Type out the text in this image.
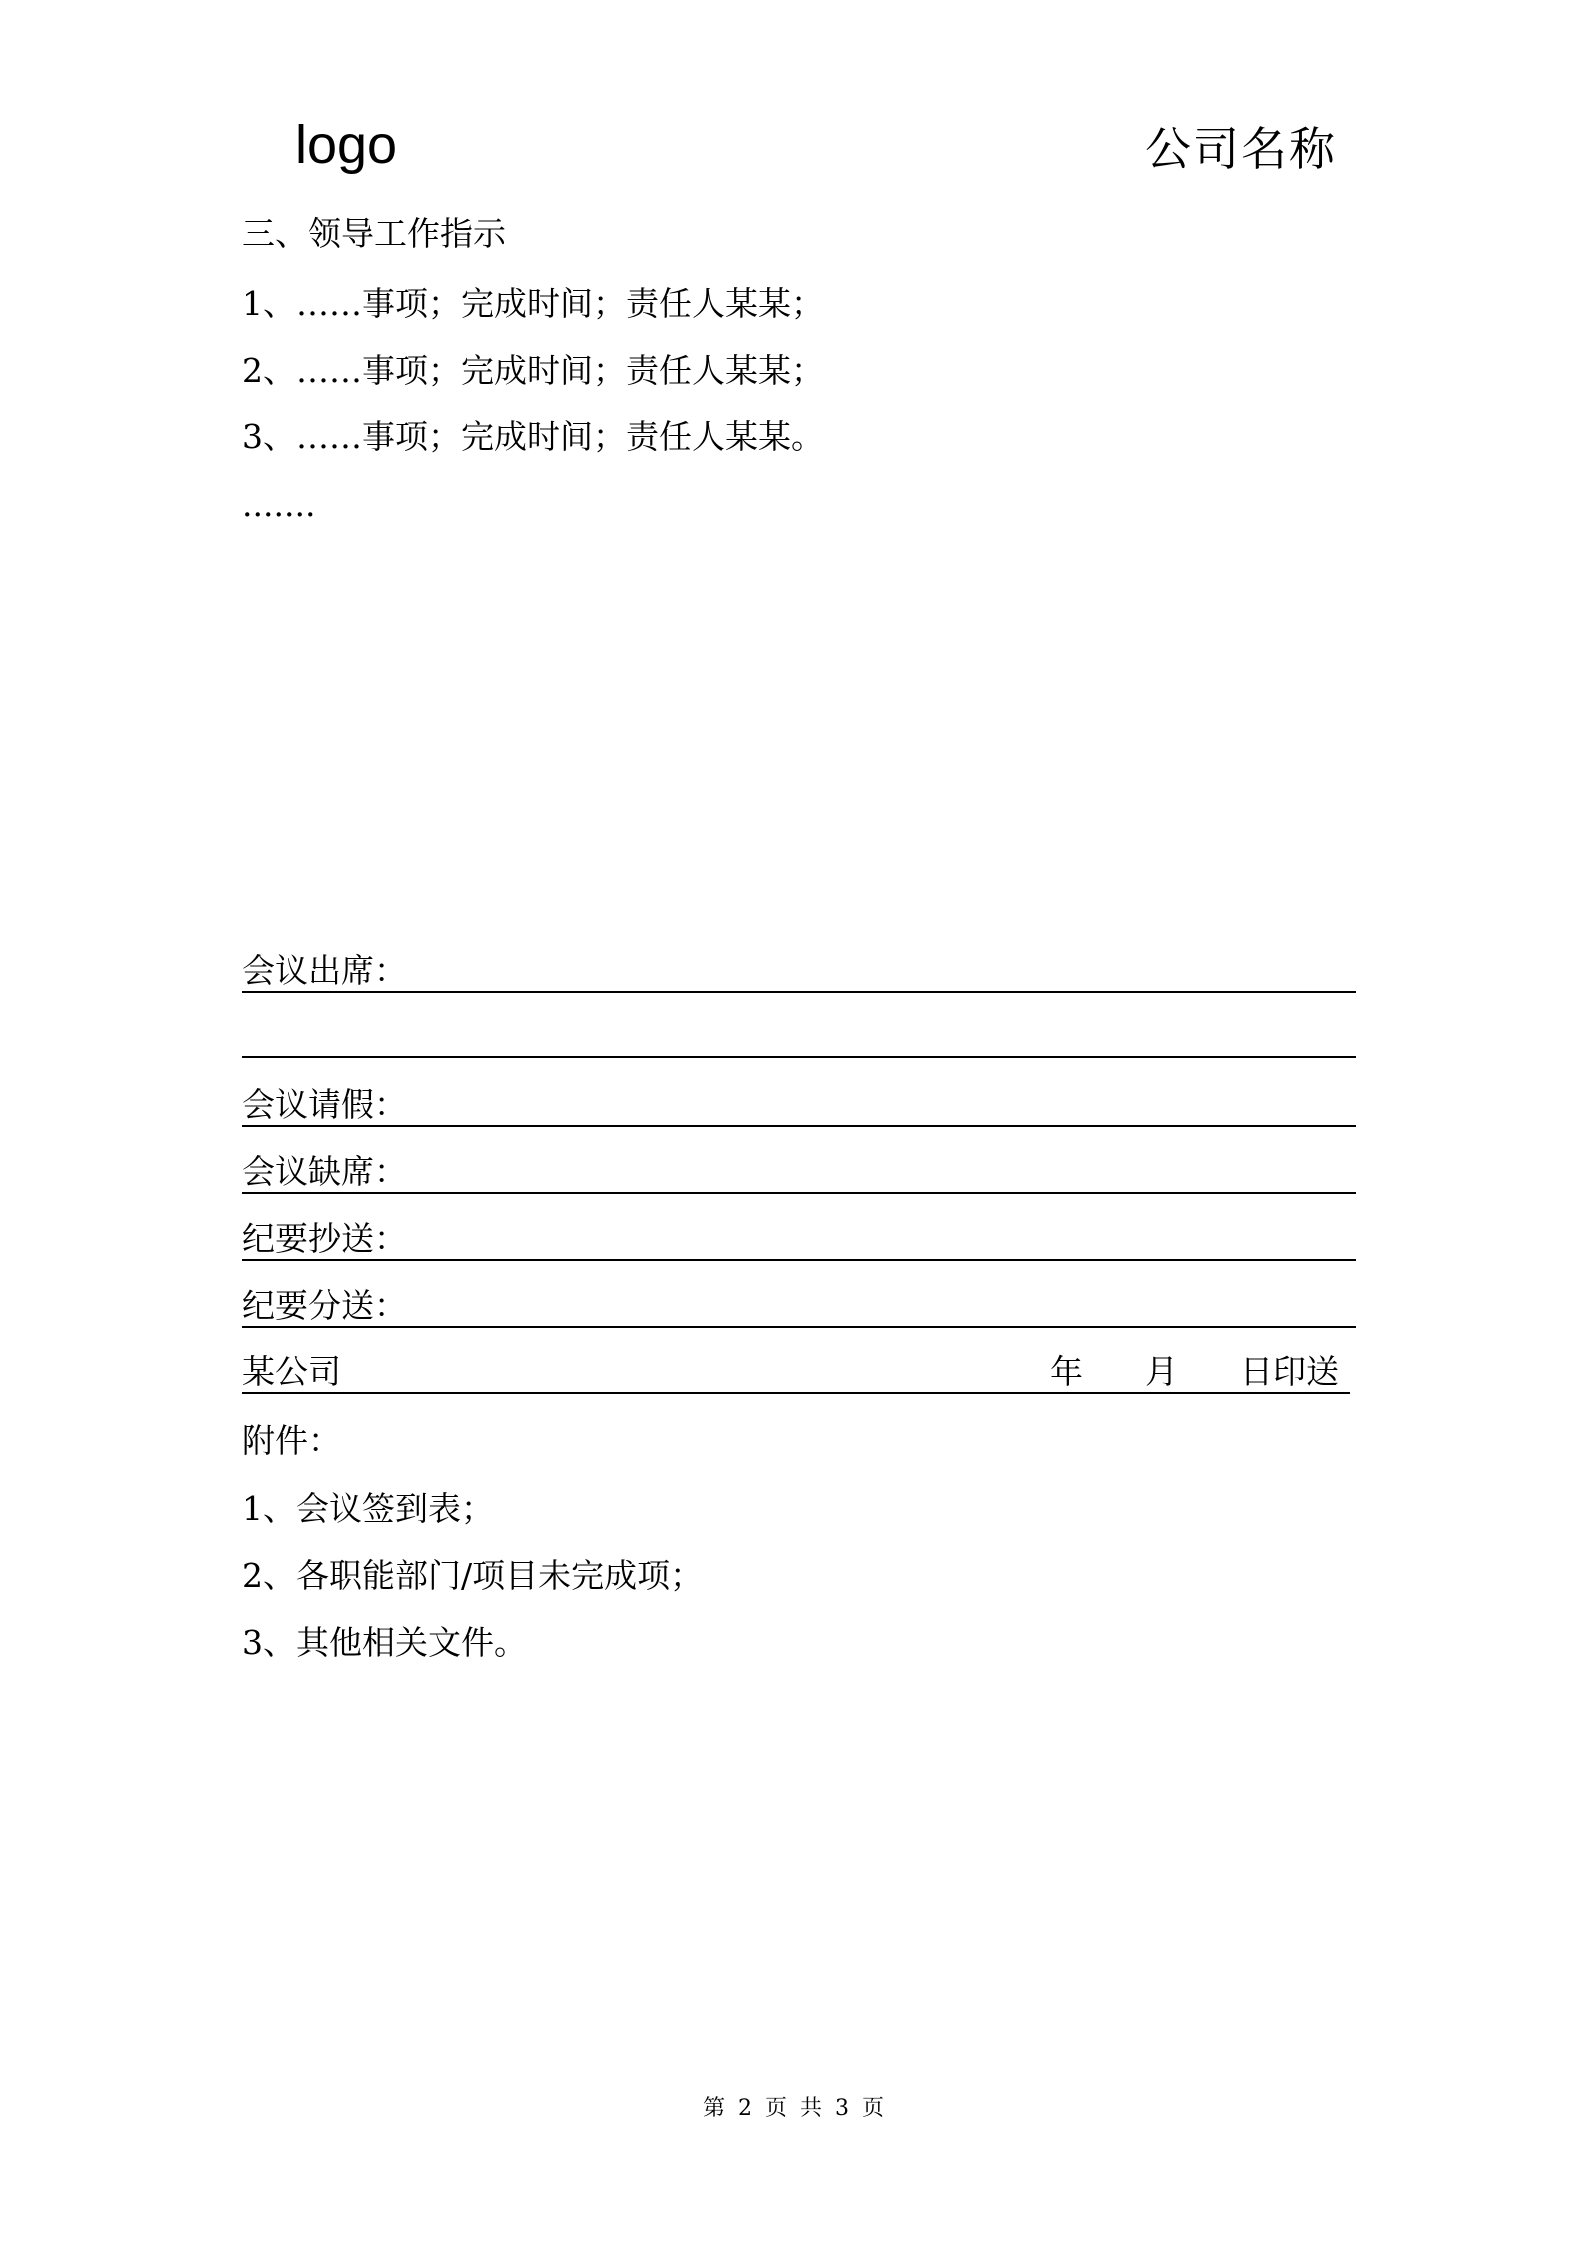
logo	公司名称
三、领导工作指示
1、……事项；完成时间；责任人某某；
2、……事项；完成时间；责任人某某；
3、……事项；完成时间；责任人某某。
.......
会议出席：
会议请假：
会议缺席：
纪要抄送：
纪要分送：
某公司	年 月 日印送
附件：
1、会议签到表；
2、各职能部门/项目未完成项；
3、其他相关文件。
第 2 页 共 3 页
